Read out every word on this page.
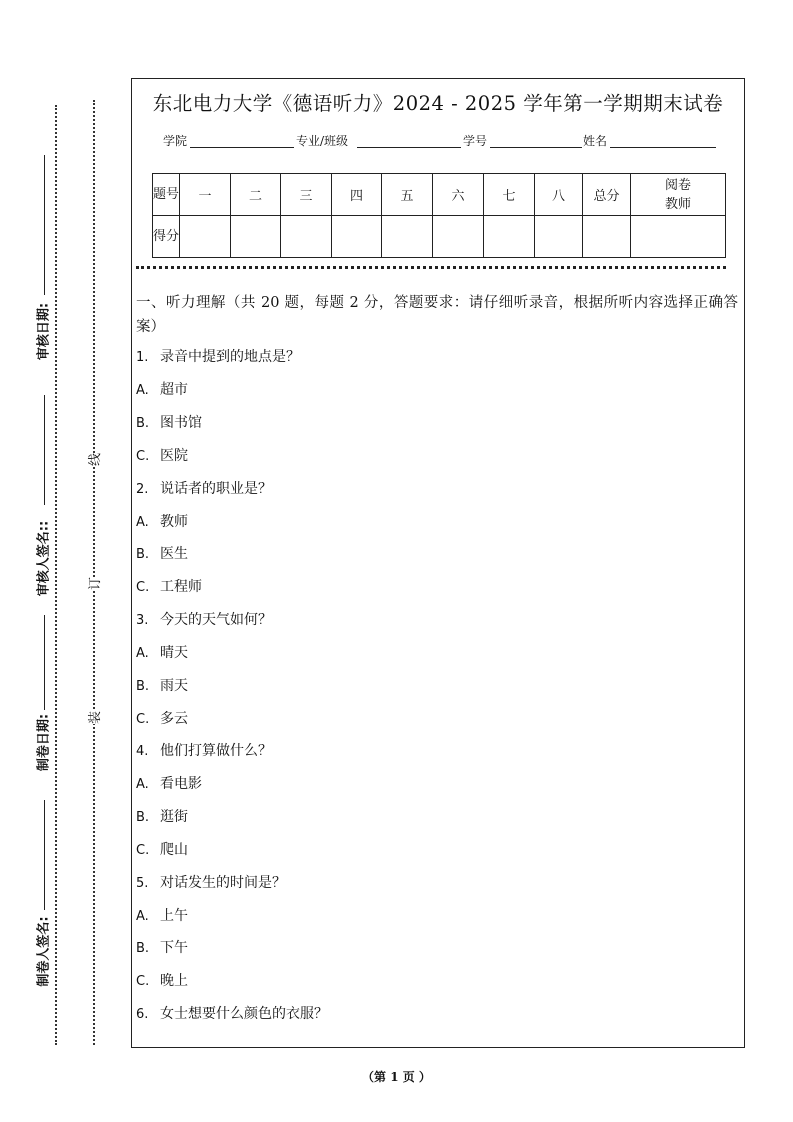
审核日期:
审核人签名::
制卷日期:
制卷人签名:
线
订
装
东北电力大学《德语听力》2024 - 2025 学年第一学期期末试卷
学院	专业/班级	学号	姓名
题号	一	二	三	四	五	六	七	八	总分	阅卷教师
得分										
一、听力理解（共 20 题，每题 2 分，答题要求：请仔细听录音，根据所听内容选择正确答案）
1. 录音中提到的地点是？
A. 超市
B. 图书馆
C. 医院
2. 说话者的职业是？
A. 教师
B. 医生
C. 工程师
3. 今天的天气如何？
A. 晴天
B. 雨天
C. 多云
4. 他们打算做什么？
A. 看电影
B. 逛街
C. 爬山
5. 对话发生的时间是？
A. 上午
B. 下午
C. 晚上
6. 女士想要什么颜色的衣服？
（第 1 页 ）
